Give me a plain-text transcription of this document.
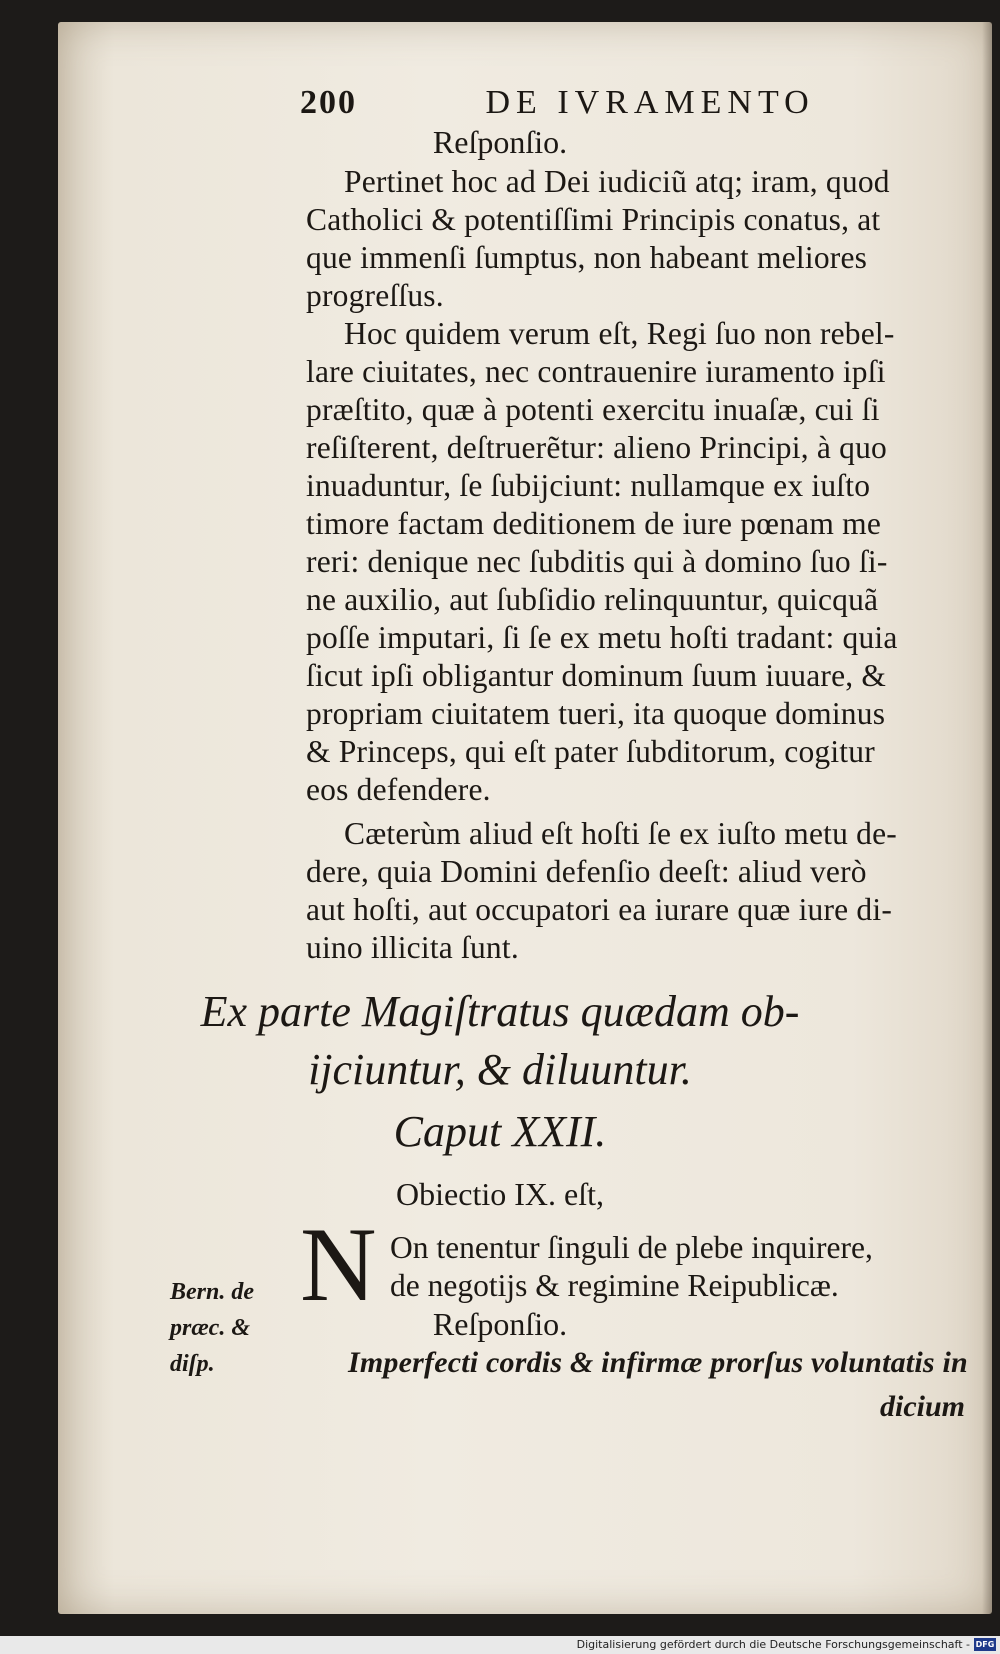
200	DE IVRAMENTO
Reſponſio.
Pertinet hoc ad Dei iudiciũ atq; iram, quod
Catholici & potentiſſimi Principis conatus, at
que immenſi ſumptus, non habeant meliores
progreſſus.
Hoc quidem verum eſt, Regi ſuo non rebel-
lare ciuitates, nec contrauenire iuramento ipſi
præſtito, quæ à potenti exercitu inuaſæ, cui ſi
reſiſterent, deſtruerẽtur: alieno Principi, à quo
inuaduntur, ſe ſubijciunt: nullamque ex iuſto
timore factam deditionem de iure pœnam me
reri: denique nec ſubditis qui à domino ſuo ſi-
ne auxilio, aut ſubſidio relinquuntur, quicquã
poſſe imputari, ſi ſe ex metu hoſti tradant: quia
ſicut ipſi obligantur dominum ſuum iuuare, &
propriam ciuitatem tueri, ita quoque dominus
& Princeps, qui eſt pater ſubditorum, cogitur
eos defendere.
Cæterùm aliud eſt hoſti ſe ex iuſto metu de-
dere, quia Domini defenſio deeſt: aliud verò
aut hoſti, aut occupatori ea iurare quæ iure di-
uino illicita ſunt.
Ex parte Magiſtratus quædam ob-
ijciuntur, & diluuntur.
Caput XXII.
Obiectio IX. eſt,
N On tenentur ſinguli de plebe inquirere,
de negotijs & regimine Reipublicæ.
Reſponſio.
Imperfecti cordis & infirmæ prorſus voluntatis in
dicium
Bern. de
præc. &
diſp.
Digitalisierung gefördert durch die Deutsche Forschungsgemeinschaft - DFG
